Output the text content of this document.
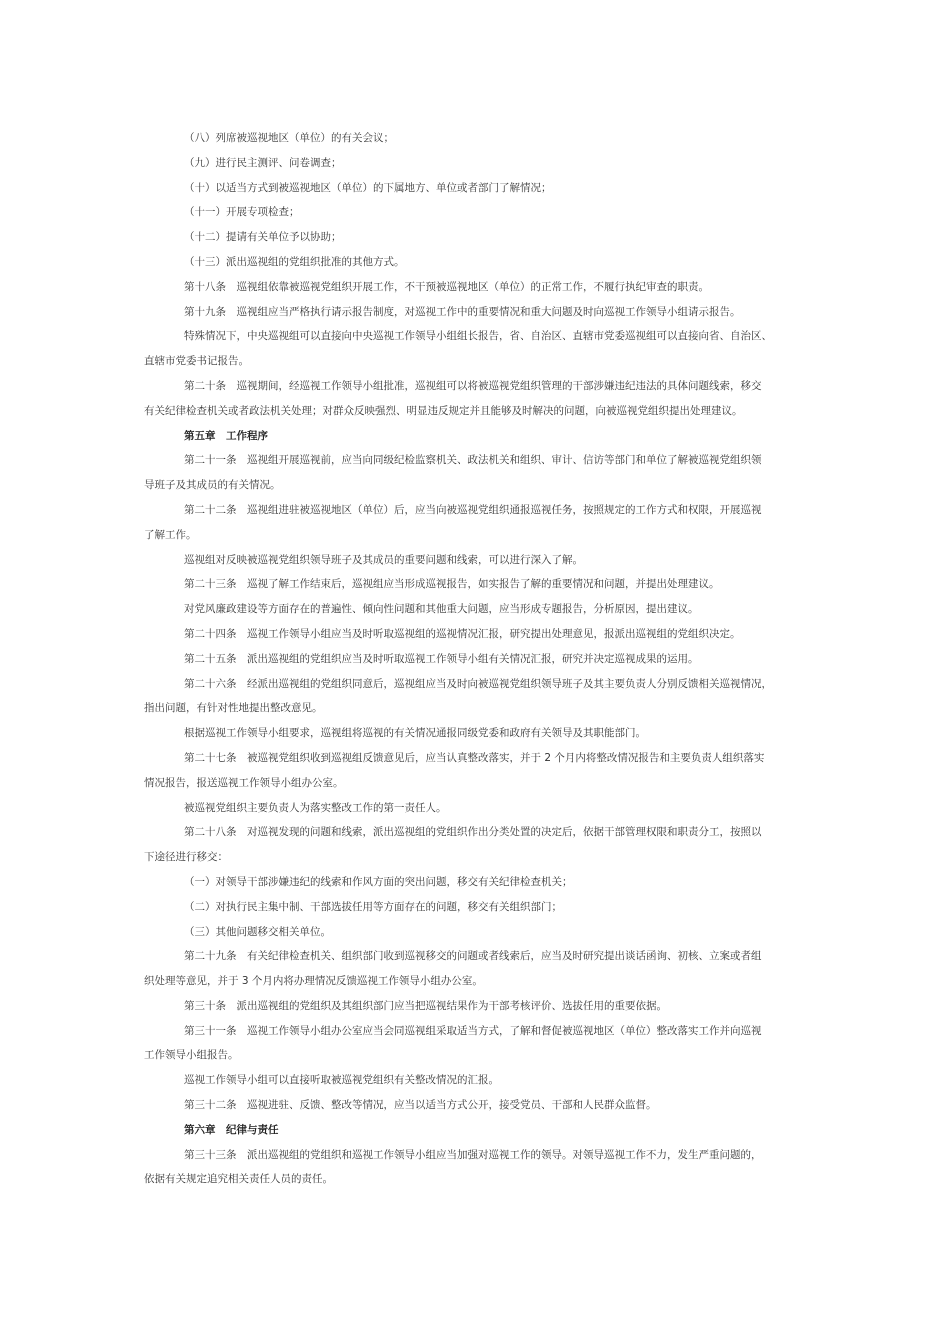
（八）列席被巡视地区（单位）的有关会议；
（九）进行民主测评、问卷调查；
（十）以适当方式到被巡视地区（单位）的下属地方、单位或者部门了解情况；
（十一）开展专项检查；
（十二）提请有关单位予以协助；
（十三）派出巡视组的党组织批准的其他方式。
第十八条　巡视组依靠被巡视党组织开展工作，不干预被巡视地区（单位）的正常工作，不履行执纪审查的职责。
第十九条　巡视组应当严格执行请示报告制度，对巡视工作中的重要情况和重大问题及时向巡视工作领导小组请示报告。
特殊情况下，中央巡视组可以直接向中央巡视工作领导小组组长报告，省、自治区、直辖市党委巡视组可以直接向省、自治区、
直辖市党委书记报告。
第二十条　巡视期间，经巡视工作领导小组批准，巡视组可以将被巡视党组织管理的干部涉嫌违纪违法的具体问题线索，移交
有关纪律检查机关或者政法机关处理；对群众反映强烈、明显违反规定并且能够及时解决的问题，向被巡视党组织提出处理建议。
第五章　工作程序
第二十一条　巡视组开展巡视前，应当向同级纪检监察机关、政法机关和组织、审计、信访等部门和单位了解被巡视党组织领
导班子及其成员的有关情况。
第二十二条　巡视组进驻被巡视地区（单位）后，应当向被巡视党组织通报巡视任务，按照规定的工作方式和权限，开展巡视
了解工作。
巡视组对反映被巡视党组织领导班子及其成员的重要问题和线索，可以进行深入了解。
第二十三条　巡视了解工作结束后，巡视组应当形成巡视报告，如实报告了解的重要情况和问题，并提出处理建议。
对党风廉政建设等方面存在的普遍性、倾向性问题和其他重大问题，应当形成专题报告，分析原因，提出建议。
第二十四条　巡视工作领导小组应当及时听取巡视组的巡视情况汇报，研究提出处理意见，报派出巡视组的党组织决定。
第二十五条　派出巡视组的党组织应当及时听取巡视工作领导小组有关情况汇报，研究并决定巡视成果的运用。
第二十六条　经派出巡视组的党组织同意后，巡视组应当及时向被巡视党组织领导班子及其主要负责人分别反馈相关巡视情况，
指出问题，有针对性地提出整改意见。
根据巡视工作领导小组要求，巡视组将巡视的有关情况通报同级党委和政府有关领导及其职能部门。
第二十七条　被巡视党组织收到巡视组反馈意见后，应当认真整改落实，并于 2 个月内将整改情况报告和主要负责人组织落实
情况报告，报送巡视工作领导小组办公室。
被巡视党组织主要负责人为落实整改工作的第一责任人。
第二十八条　对巡视发现的问题和线索，派出巡视组的党组织作出分类处置的决定后，依据干部管理权限和职责分工，按照以
下途径进行移交：
（一）对领导干部涉嫌违纪的线索和作风方面的突出问题，移交有关纪律检查机关；
（二）对执行民主集中制、干部选拔任用等方面存在的问题，移交有关组织部门；
（三）其他问题移交相关单位。
第二十九条　有关纪律检查机关、组织部门收到巡视移交的问题或者线索后，应当及时研究提出谈话函询、初核、立案或者组
织处理等意见，并于 3 个月内将办理情况反馈巡视工作领导小组办公室。
第三十条　派出巡视组的党组织及其组织部门应当把巡视结果作为干部考核评价、选拔任用的重要依据。
第三十一条　巡视工作领导小组办公室应当会同巡视组采取适当方式，了解和督促被巡视地区（单位）整改落实工作并向巡视
工作领导小组报告。
巡视工作领导小组可以直接听取被巡视党组织有关整改情况的汇报。
第三十二条　巡视进驻、反馈、整改等情况，应当以适当方式公开，接受党员、干部和人民群众监督。
第六章　纪律与责任
第三十三条　派出巡视组的党组织和巡视工作领导小组应当加强对巡视工作的领导。对领导巡视工作不力，发生严重问题的，
依据有关规定追究相关责任人员的责任。
